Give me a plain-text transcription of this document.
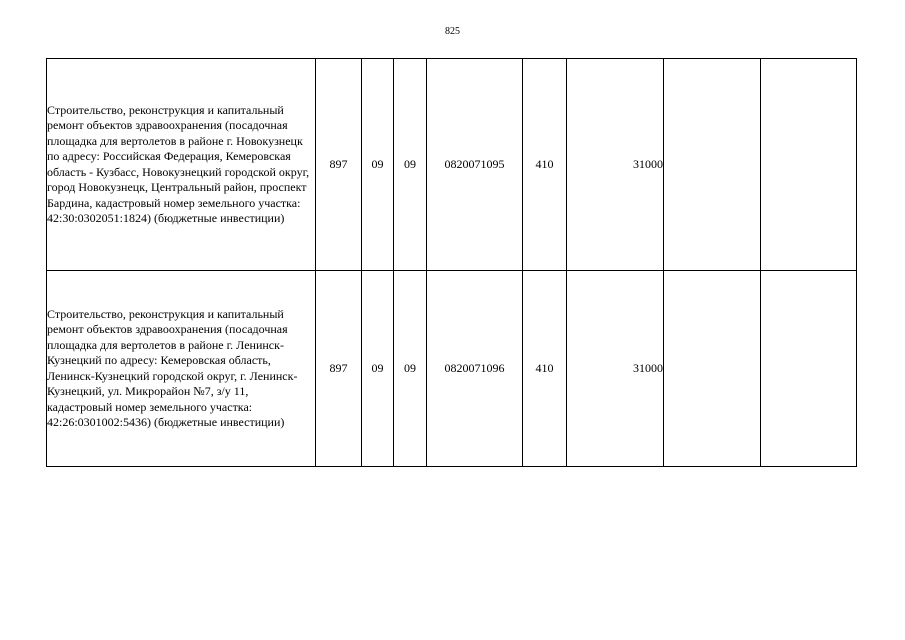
825
Строительство, реконструкция и капитальный ремонт объектов здравоохранения (посадочная площадка для вертолетов в районе г. Новокузнецк по адресу: Российская Федерация, Кемеровская область - Кузбасс, Новокузнецкий городской округ, город Новокузнецк, Центральный район, проспект Бардина, кадастровый номер земельного участка: 42:30:0302051:1824) (бюджетные инвестиции)	897	09	09	0820071095	410	31000		
Строительство, реконструкция и капитальный ремонт объектов здравоохранения (посадочная площадка для вертолетов в районе г. Ленинск-Кузнецкий по адресу: Кемеровская область, Ленинск-Кузнецкий городской округ, г. Ленинск-Кузнецкий, ул. Микрорайон №7, з/у 11, кадастровый номер земельного участка: 42:26:0301002:5436) (бюджетные инвестиции)	897	09	09	0820071096	410	31000		
